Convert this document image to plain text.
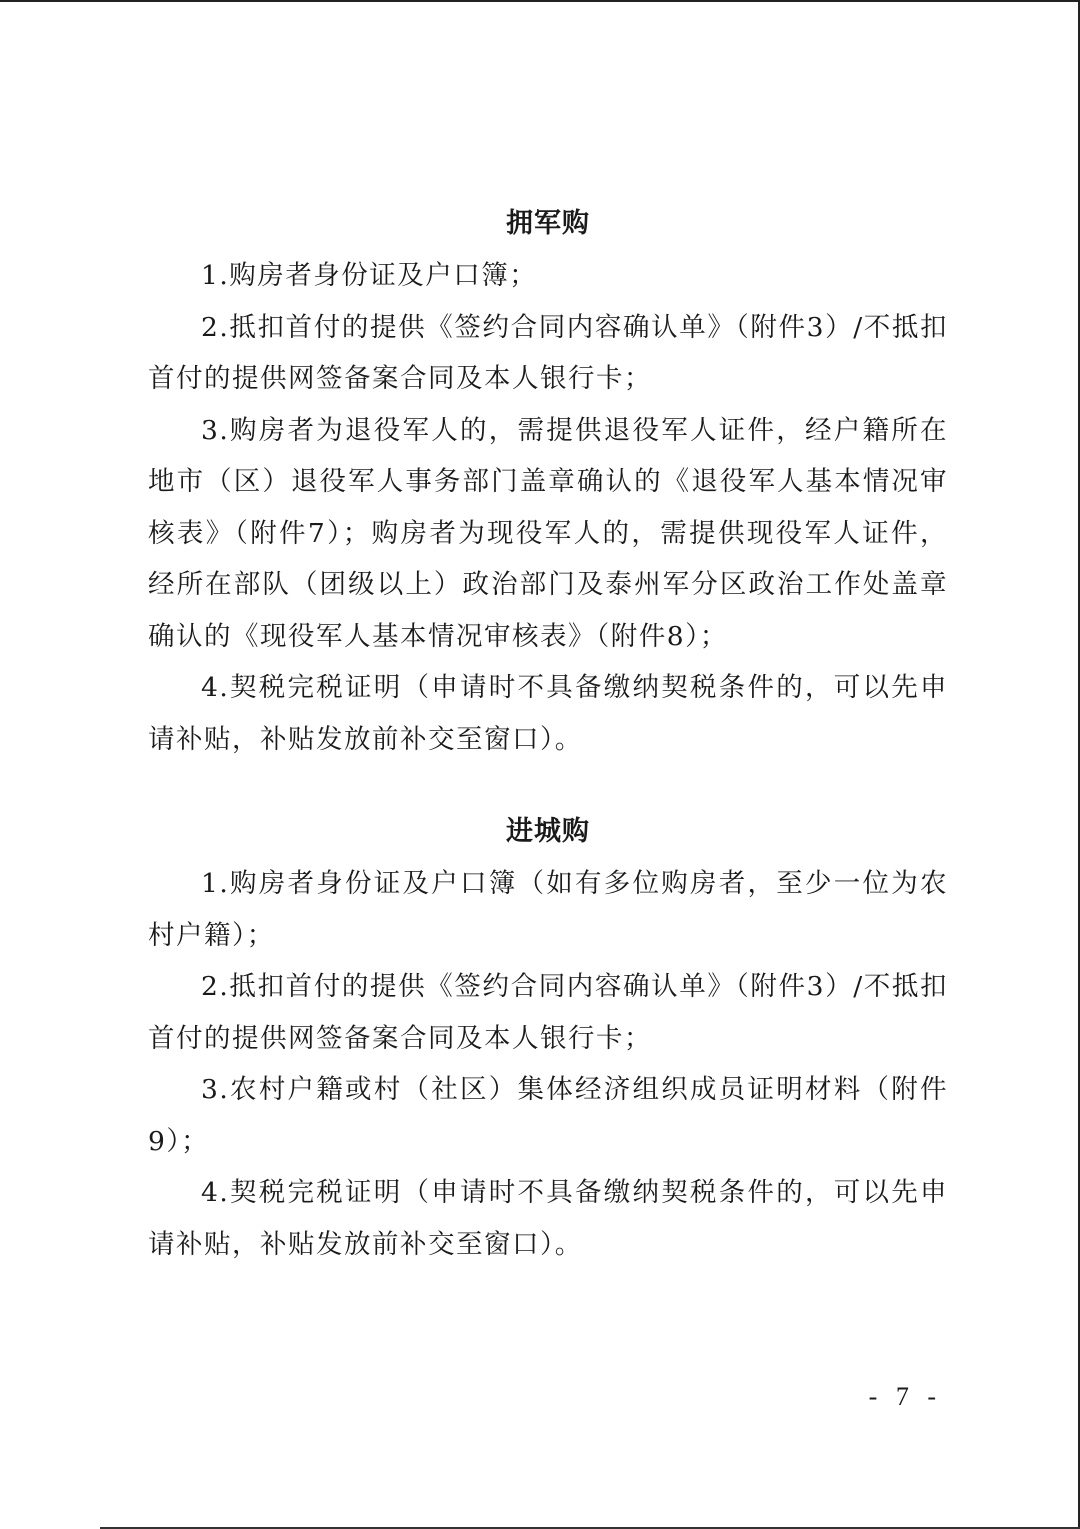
拥军购

1.购房者身份证及户口簿；

2.抵扣首付的提供《签约合同内容确认单》（附件3）/不抵扣首付的提供网签备案合同及本人银行卡；

3.购房者为退役军人的，需提供退役军人证件，经户籍所在地市（区）退役军人事务部门盖章确认的《退役军人基本情况审核表》（附件7）；购房者为现役军人的，需提供现役军人证件，经所在部队（团级以上）政治部门及泰州军分区政治工作处盖章确认的《现役军人基本情况审核表》（附件8）；

4.契税完税证明（申请时不具备缴纳契税条件的，可以先申请补贴，补贴发放前补交至窗口）。

进城购

1.购房者身份证及户口簿（如有多位购房者，至少一位为农村户籍）；

2.抵扣首付的提供《签约合同内容确认单》（附件3）/不抵扣首付的提供网签备案合同及本人银行卡；

3.农村户籍或村（社区）集体经济组织成员证明材料（附件9）；

4.契税完税证明（申请时不具备缴纳契税条件的，可以先申请补贴，补贴发放前补交至窗口）。

- 7 -
